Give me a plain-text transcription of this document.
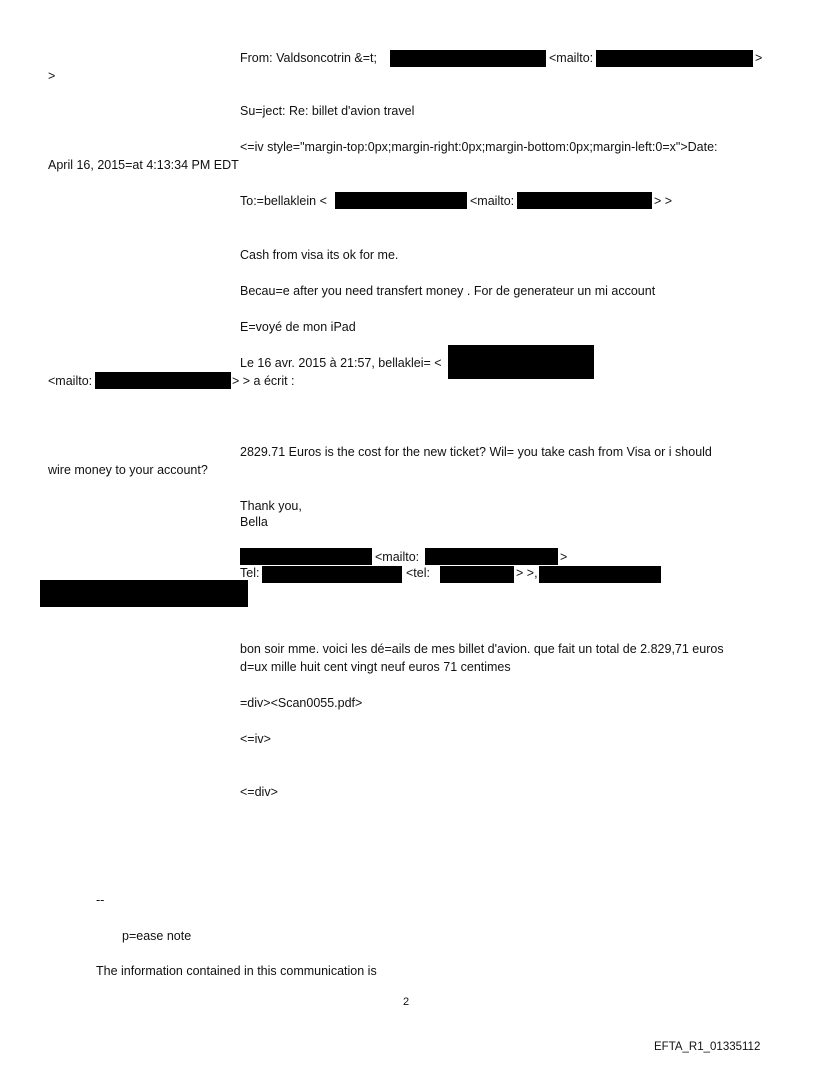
From: Valdsoncotrin &=t;	<mailto:	>
>
Su=ject: Re: billet d'avion travel
<=iv style="margin-top:0px;margin-right:0px;margin-bottom:0px;margin-left:0=x">Date:
April 16, 2015=at 4:13:34 PM EDT
To:=bellaklein <	<mailto:	> >
Cash from visa its ok for me.
Becau=e after you need transfert money . For de generateur un mi account
E=voyé de mon iPad
Le 16 avr. 2015 à 21:57, bellaklei= <
<mailto:	> > a écrit :
2829.71 Euros is the cost for the new ticket? Wil= you take cash from Visa or i should
wire money to your account?
Thank you,
Bella
<mailto:	>
Tel:	<tel:	> >,
bon soir mme. voici les dé=ails de mes billet d'avion. que fait un total de 2.829,71 euros
d=ux mille huit cent vingt neuf euros 71 centimes
=div><Scan0055.pdf>
<=iv>
<=div>
--
p=ease note
The information contained in this communication is
2
EFTA_R1_01335112
